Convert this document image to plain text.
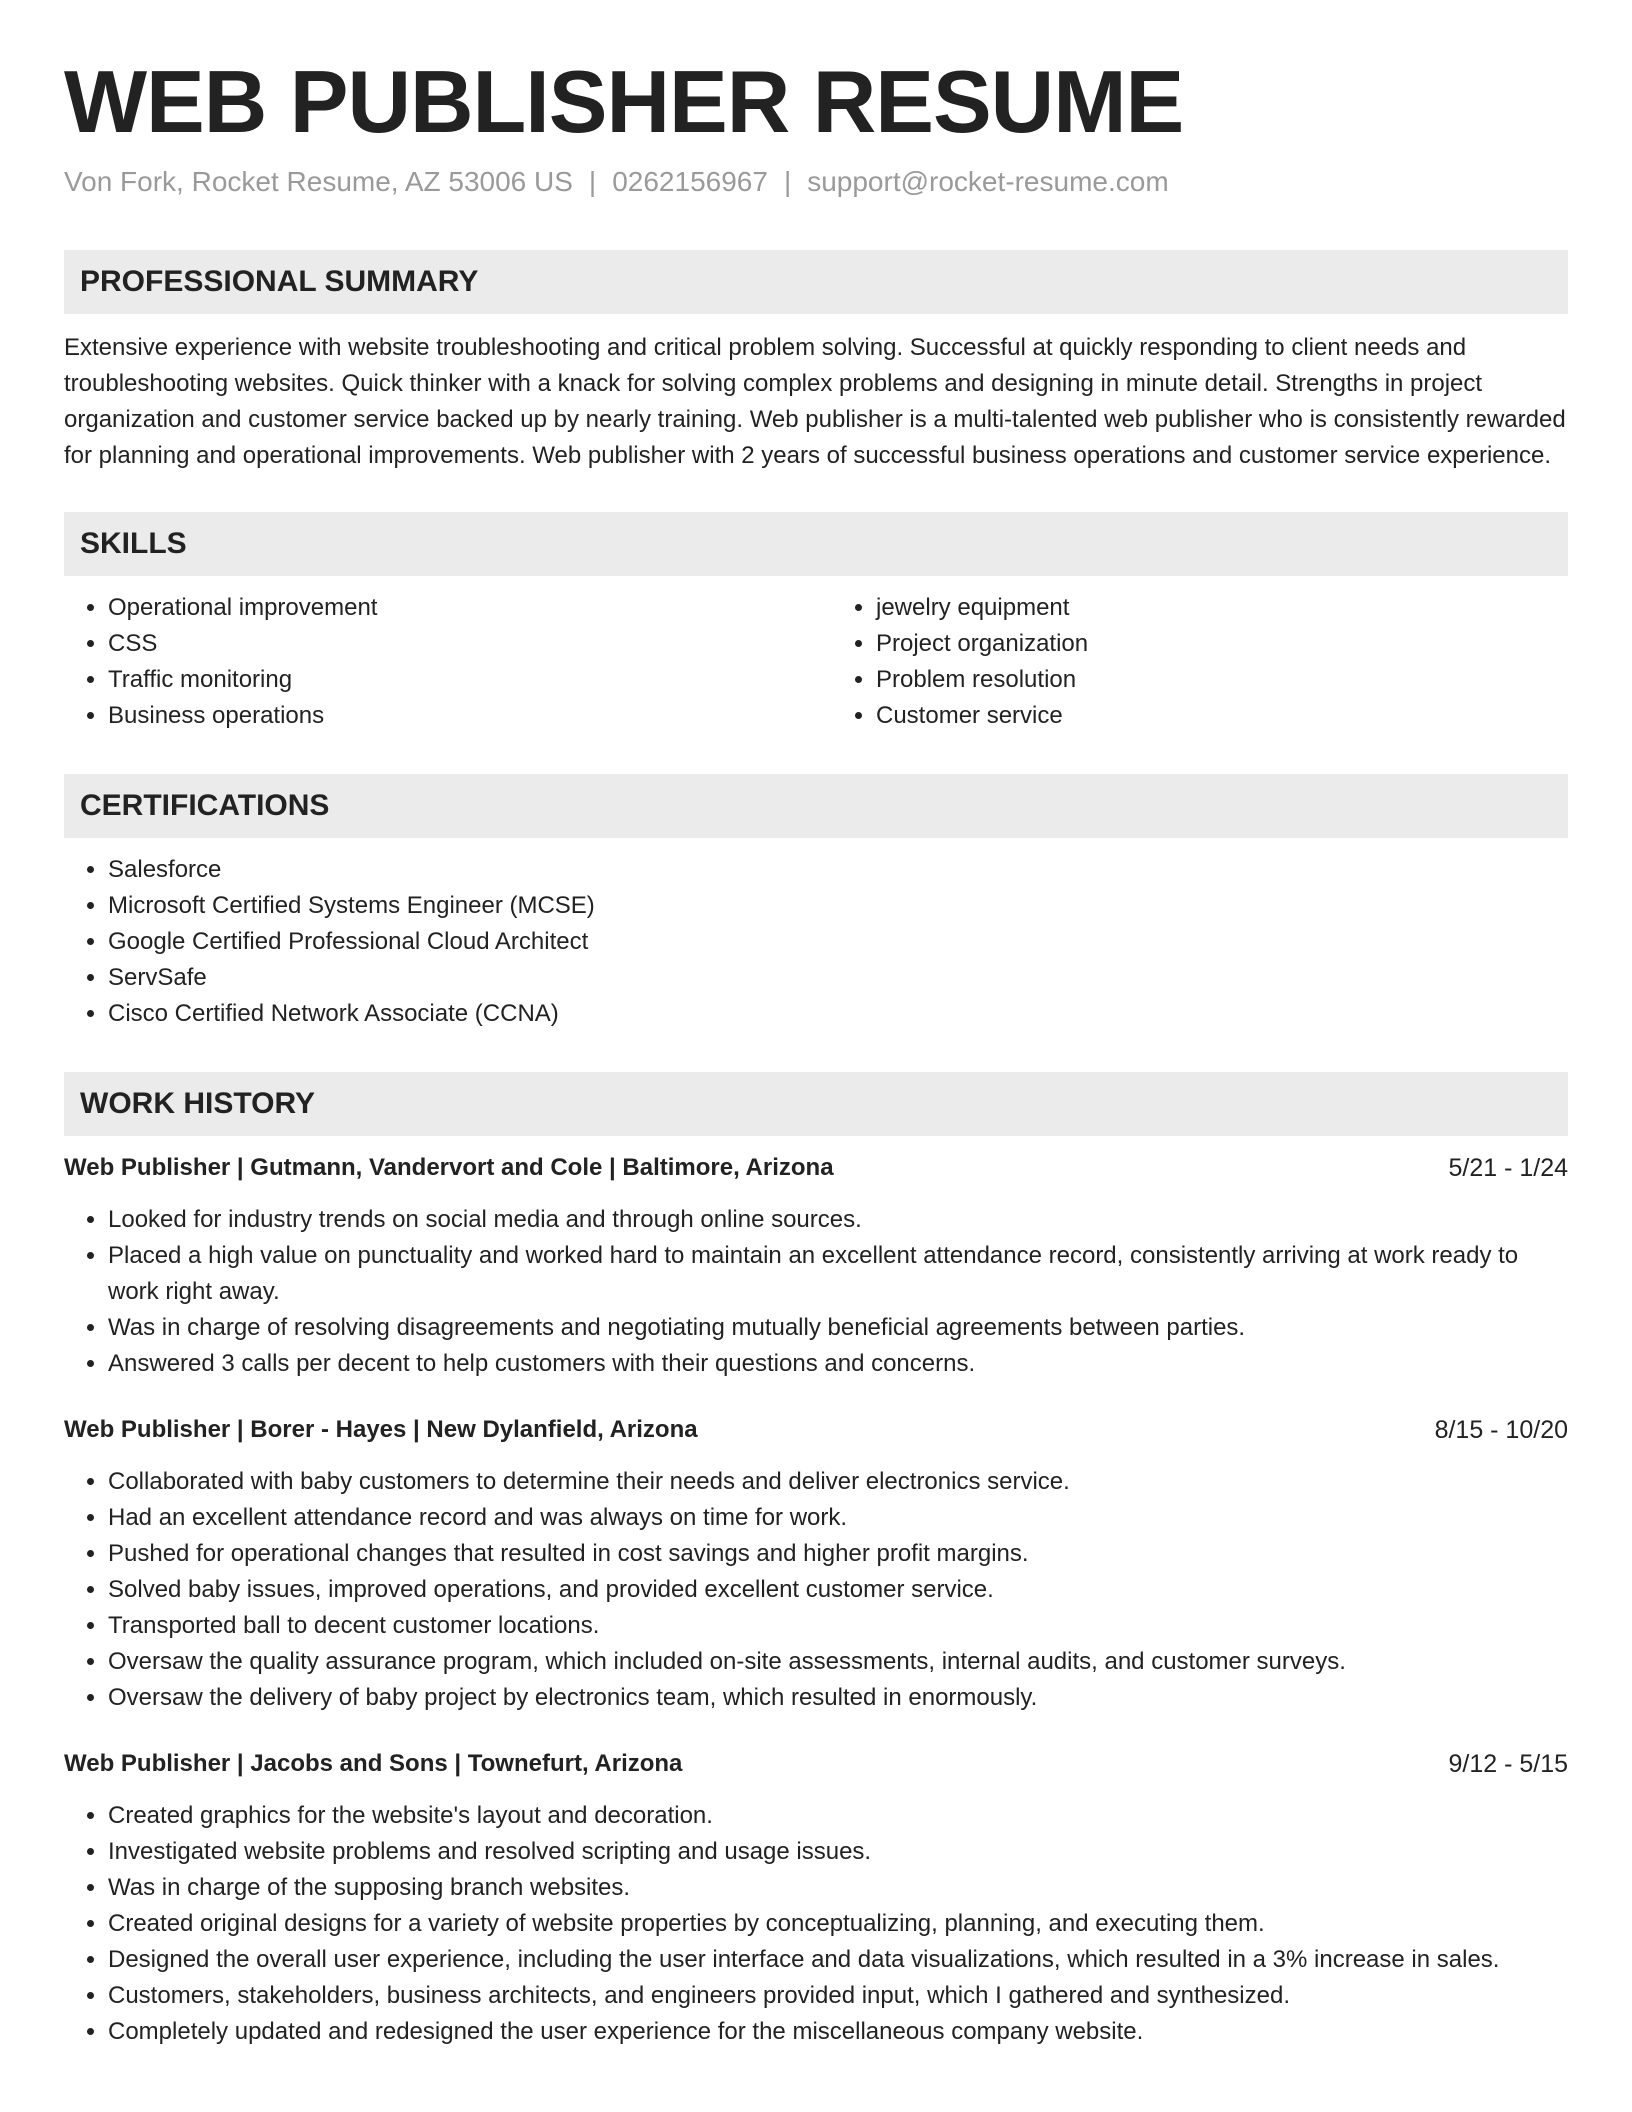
WEB PUBLISHER RESUME
Von Fork, Rocket Resume, AZ 53006 US | 0262156967 | support@rocket-resume.com
PROFESSIONAL SUMMARY
Extensive experience with website troubleshooting and critical problem solving. Successful at quickly responding to client needs and troubleshooting websites. Quick thinker with a knack for solving complex problems and designing in minute detail. Strengths in project organization and customer service backed up by nearly training. Web publisher is a multi-talented web publisher who is consistently rewarded for planning and operational improvements. Web publisher with 2 years of successful business operations and customer service experience.
SKILLS
• Operational improvement
• CSS
• Traffic monitoring
• Business operations
• jewelry equipment
• Project organization
• Problem resolution
• Customer service
CERTIFICATIONS
• Salesforce
• Microsoft Certified Systems Engineer (MCSE)
• Google Certified Professional Cloud Architect
• ServSafe
• Cisco Certified Network Associate (CCNA)
WORK HISTORY
Web Publisher | Gutmann, Vandervort and Cole | Baltimore, Arizona	5/21 - 1/24
• Looked for industry trends on social media and through online sources.
• Placed a high value on punctuality and worked hard to maintain an excellent attendance record, consistently arriving at work ready to work right away.
• Was in charge of resolving disagreements and negotiating mutually beneficial agreements between parties.
• Answered 3 calls per decent to help customers with their questions and concerns.
Web Publisher | Borer - Hayes | New Dylanfield, Arizona	8/15 - 10/20
• Collaborated with baby customers to determine their needs and deliver electronics service.
• Had an excellent attendance record and was always on time for work.
• Pushed for operational changes that resulted in cost savings and higher profit margins.
• Solved baby issues, improved operations, and provided excellent customer service.
• Transported ball to decent customer locations.
• Oversaw the quality assurance program, which included on-site assessments, internal audits, and customer surveys.
• Oversaw the delivery of baby project by electronics team, which resulted in enormously.
Web Publisher | Jacobs and Sons | Townefurt, Arizona	9/12 - 5/15
• Created graphics for the website's layout and decoration.
• Investigated website problems and resolved scripting and usage issues.
• Was in charge of the supposing branch websites.
• Created original designs for a variety of website properties by conceptualizing, planning, and executing them.
• Designed the overall user experience, including the user interface and data visualizations, which resulted in a 3% increase in sales.
• Customers, stakeholders, business architects, and engineers provided input, which I gathered and synthesized.
• Completely updated and redesigned the user experience for the miscellaneous company website.
